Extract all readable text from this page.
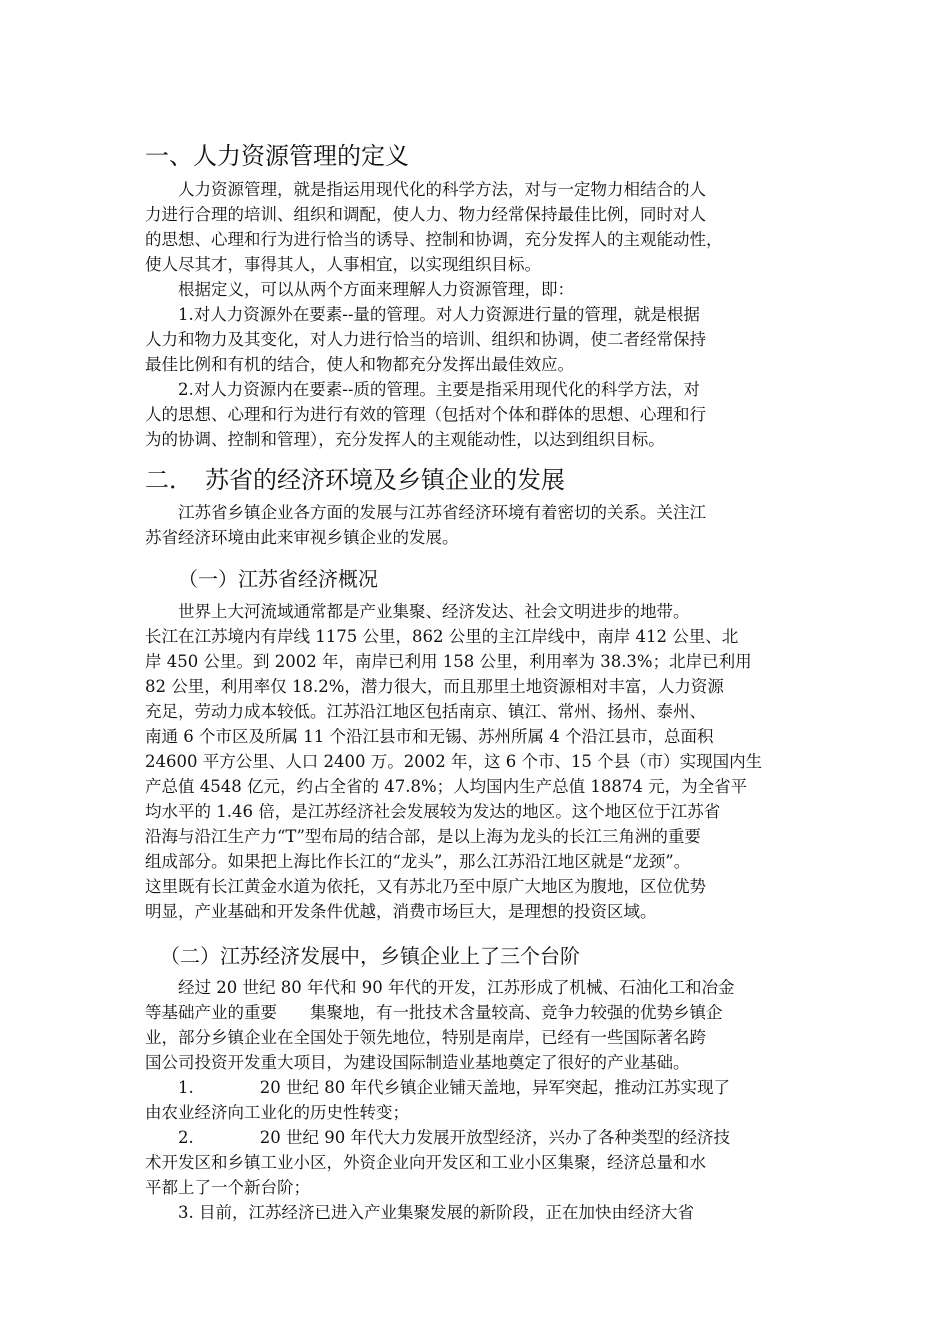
一、人力资源管理的定义
　　人力资源管理，就是指运用现代化的科学方法，对与一定物力相结合的人
力进行合理的培训、组织和调配，使人力、物力经常保持最佳比例，同时对人
的思想、心理和行为进行恰当的诱导、控制和协调，充分发挥人的主观能动性，
使人尽其才，事得其人，人事相宜，以实现组织目标。
　　根据定义，可以从两个方面来理解人力资源管理，即：
　　1.对人力资源外在要素--量的管理。对人力资源进行量的管理，就是根据
人力和物力及其变化，对人力进行恰当的培训、组织和协调，使二者经常保持
最佳比例和有机的结合，使人和物都充分发挥出最佳效应。
　　2.对人力资源内在要素--质的管理。主要是指采用现代化的科学方法，对
人的思想、心理和行为进行有效的管理（包括对个体和群体的思想、心理和行
为的协调、控制和管理），充分发挥人的主观能动性，以达到组织目标。
二．　苏省的经济环境及乡镇企业的发展
　　江苏省乡镇企业各方面的发展与江苏省经济环境有着密切的关系。关注江
苏省经济环境由此来审视乡镇企业的发展。
（一）江苏省经济概况
　　世界上大河流域通常都是产业集聚、经济发达、社会文明进步的地带。
长江在江苏境内有岸线 1175 公里，862 公里的主江岸线中，南岸 412 公里、北
岸 450 公里。到 2002 年，南岸已利用 158 公里，利用率为 38.3%；北岸已利用
82 公里，利用率仅 18.2%，潜力很大，而且那里土地资源相对丰富，人力资源
充足，劳动力成本较低。江苏沿江地区包括南京、镇江、常州、扬州、泰州、
南通 6 个市区及所属 11 个沿江县市和无锡、苏州所属 4 个沿江县市，总面积
24600 平方公里、人口 2400 万。2002 年，这 6 个市、15 个县（市）实现国内生
产总值 4548 亿元，约占全省的 47.8%；人均国内生产总值 18874 元，为全省平
均水平的 1.46 倍，是江苏经济社会发展较为发达的地区。这个地区位于江苏省
沿海与沿江生产力“T”型布局的结合部，是以上海为龙头的长江三角洲的重要
组成部分。如果把上海比作长江的“龙头”，那么江苏沿江地区就是“龙颈”。
这里既有长江黄金水道为依托，又有苏北乃至中原广大地区为腹地，区位优势
明显，产业基础和开发条件优越，消费市场巨大，是理想的投资区域。
（二）江苏经济发展中，乡镇企业上了三个台阶
　　经过 20 世纪 80 年代和 90 年代的开发，江苏形成了机械、石油化工和冶金
等基础产业的重要　　集聚地，有一批技术含量较高、竞争力较强的优势乡镇企
业，部分乡镇企业在全国处于领先地位，特别是南岸，已经有一些国际著名跨
国公司投资开发重大项目，为建设国际制造业基地奠定了很好的产业基础。
　　1.　　　　20 世纪 80 年代乡镇企业铺天盖地，异军突起，推动江苏实现了
由农业经济向工业化的历史性转变；
　　2.　　　　20 世纪 90 年代大力发展开放型经济，兴办了各种类型的经济技
术开发区和乡镇工业小区，外资企业向开发区和工业小区集聚，经济总量和水
平都上了一个新台阶；
　　3. 目前，江苏经济已进入产业集聚发展的新阶段，正在加快由经济大省
